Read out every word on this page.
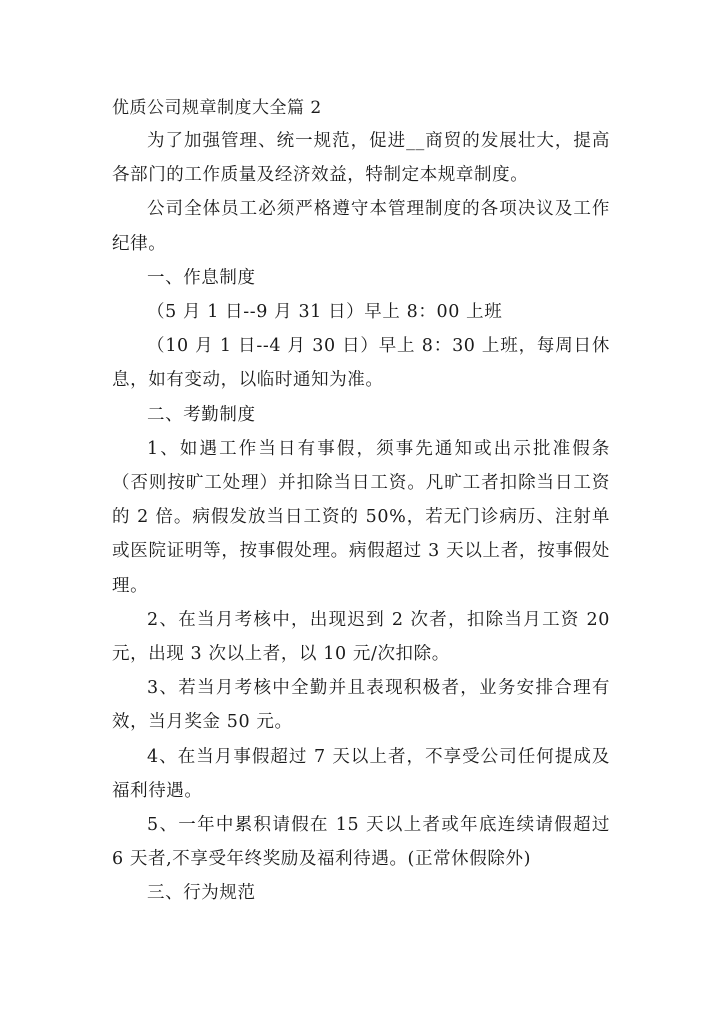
优质公司规章制度大全篇 2

为了加强管理、统一规范，促进__商贸的发展壮大，提高各部门的工作质量及经济效益，特制定本规章制度。

公司全体员工必须严格遵守本管理制度的各项决议及工作纪律。

一、作息制度

（5 月 1 日--9 月 31 日）早上 8：00 上班

（10 月 1 日--4 月 30 日）早上 8：30 上班，每周日休息，如有变动，以临时通知为准。

二、考勤制度

1、如遇工作当日有事假，须事先通知或出示批准假条（否则按旷工处理）并扣除当日工资。凡旷工者扣除当日工资的 2 倍。病假发放当日工资的 50%，若无门诊病历、注射单或医院证明等，按事假处理。病假超过 3 天以上者，按事假处理。

2、在当月考核中，出现迟到 2 次者，扣除当月工资 20 元，出现 3 次以上者，以 10 元/次扣除。

3、若当月考核中全勤并且表现积极者，业务安排合理有效，当月奖金 50 元。

4、在当月事假超过 7 天以上者，不享受公司任何提成及福利待遇。

5、一年中累积请假在 15 天以上者或年底连续请假超过 6 天者,不享受年终奖励及福利待遇。(正常休假除外)

三、行为规范
